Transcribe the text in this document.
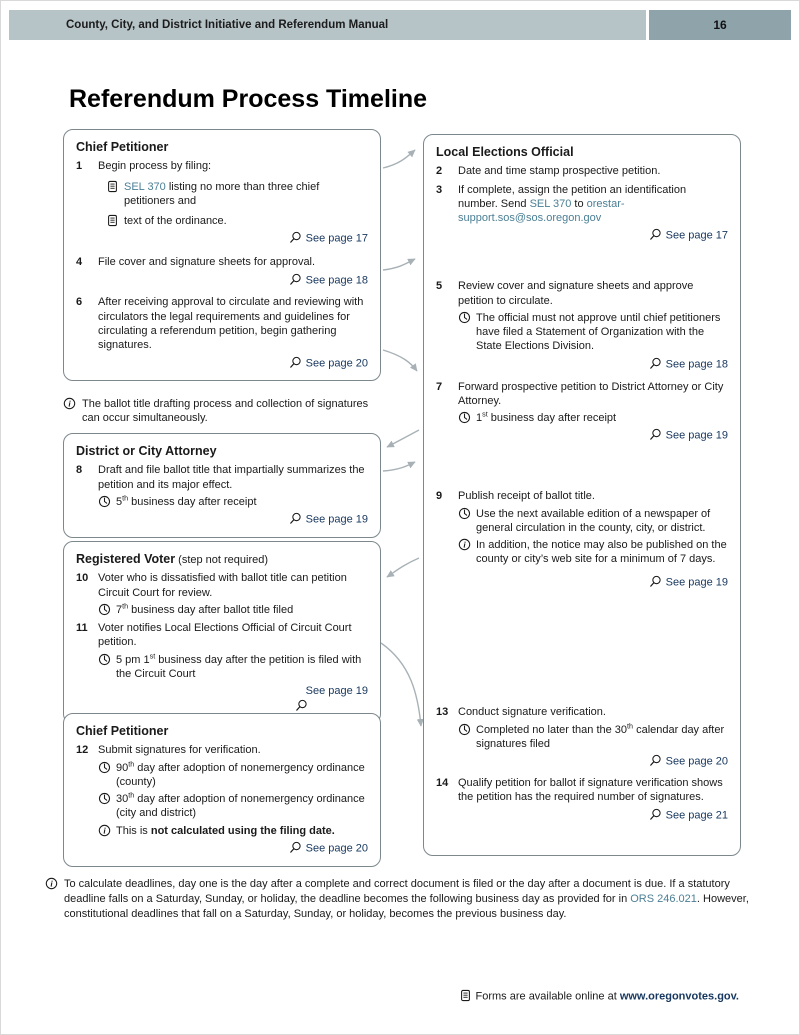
County, City, and District Initiative and Referendum Manual	16
Referendum Process Timeline
Chief Petitioner
1	Begin process by filing:
SEL 370 listing no more than three chief petitioners and
text of the ordinance.
See page 17
4	File cover and signature sheets for approval.
See page 18
6	After receiving approval to circulate and reviewing with circulators the legal requirements and guidelines for circulating a referendum petition, begin gathering signatures.
See page 20
The ballot title drafting process and collection of signatures can occur simultaneously.
District or City Attorney
8	Draft and file ballot title that impartially summarizes the petition and its major effect.
5th business day after receipt
See page 19
Registered Voter (step not required)
10 Voter who is dissatisfied with ballot title can petition Circuit Court for review.
7th business day after ballot title filed
11 Voter notifies Local Elections Official of Circuit Court petition.
5 pm 1st business day after the petition is filed with the Circuit Court
See page 19
Chief Petitioner
12 Submit signatures for verification.
90th day after adoption of nonemergency ordinance (county)
30th day after adoption of nonemergency ordinance (city and district)
This is not calculated using the filing date.
See page 20
Local Elections Official
2	Date and time stamp prospective petition.
3	If complete, assign the petition an identification number. Send SEL 370 to orestar-support.sos@sos.oregon.gov
See page 17
5	Review cover and signature sheets and approve petition to circulate.
The official must not approve until chief petitioners have filed a Statement of Organization with the State Elections Division.
See page 18
7	Forward prospective petition to District Attorney or City Attorney.
1st business day after receipt
See page 19
9	Publish receipt of ballot title.
Use the next available edition of a newspaper of general circulation in the county, city, or district.
In addition, the notice may also be published on the county or city’s web site for a minimum of 7 days.
See page 19
13 Conduct signature verification.
Completed no later than the 30th calendar day after signatures filed
See page 20
14 Qualify petition for ballot if signature verification shows the petition has the required number of signatures.
See page 21
To calculate deadlines, day one is the day after a complete and correct document is filed or the day after a document is due. If a statutory deadline falls on a Saturday, Sunday, or holiday, the deadline becomes the following business day as provided for in ORS 246.021. However, constitutional deadlines that fall on a Saturday, Sunday, or holiday, becomes the previous business day.
Forms are available online at www.oregonvotes.gov.
